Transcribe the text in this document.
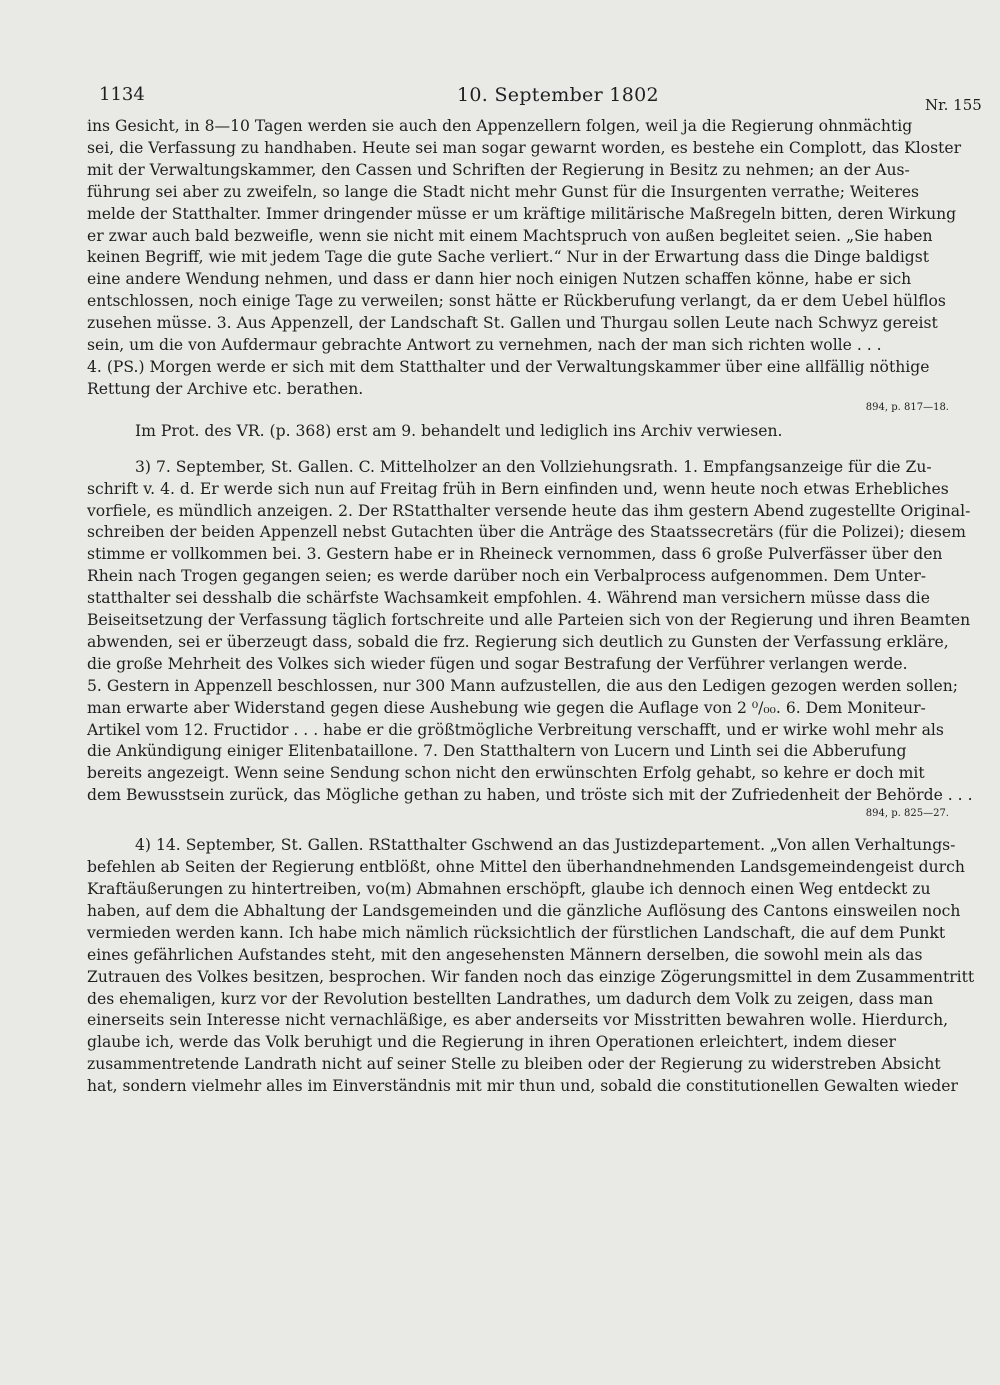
1134	10. September 1802	Nr. 155
ins Gesicht, in 8—10 Tagen werden sie auch den Appenzellern folgen, weil ja die Regierung ohnmächtig
sei, die Verfassung zu handhaben. Heute sei man sogar gewarnt worden, es bestehe ein Complott, das Kloster
mit der Verwaltungskammer, den Cassen und Schriften der Regierung in Besitz zu nehmen; an der Aus-
führung sei aber zu zweifeln, so lange die Stadt nicht mehr Gunst für die Insurgenten verrathe; Weiteres
melde der Statthalter. Immer dringender müsse er um kräftige militärische Maßregeln bitten, deren Wirkung
er zwar auch bald bezweifle, wenn sie nicht mit einem Machtspruch von außen begleitet seien. „Sie haben
keinen Begriff, wie mit jedem Tage die gute Sache verliert.“ Nur in der Erwartung dass die Dinge baldigst
eine andere Wendung nehmen, und dass er dann hier noch einigen Nutzen schaffen könne, habe er sich
entschlossen, noch einige Tage zu verweilen; sonst hätte er Rückberufung verlangt, da er dem Uebel hülflos
zusehen müsse. 3. Aus Appenzell, der Landschaft St. Gallen und Thurgau sollen Leute nach Schwyz gereist
sein, um die von Aufdermaur gebrachte Antwort zu vernehmen, nach der man sich richten wolle . . .
4. (PS.) Morgen werde er sich mit dem Statthalter und der Verwaltungskammer über eine allfällig nöthige
Rettung der Archive etc. berathen.
894, p. 817—18.
Im Prot. des VR. (p. 368) erst am 9. behandelt und lediglich ins Archiv verwiesen.
3) 7. September, St. Gallen. C. Mittelholzer an den Vollziehungsrath. 1. Empfangsanzeige für die Zu-
schrift v. 4. d. Er werde sich nun auf Freitag früh in Bern einfinden und, wenn heute noch etwas Erhebliches
vorfiele, es mündlich anzeigen. 2. Der RStatthalter versende heute das ihm gestern Abend zugestellte Original-
schreiben der beiden Appenzell nebst Gutachten über die Anträge des Staatssecretärs (für die Polizei); diesem
stimme er vollkommen bei. 3. Gestern habe er in Rheineck vernommen, dass 6 große Pulverfässer über den
Rhein nach Trogen gegangen seien; es werde darüber noch ein Verbalprocess aufgenommen. Dem Unter-
statthalter sei desshalb die schärfste Wachsamkeit empfohlen. 4. Während man versichern müsse dass die
Beiseitsetzung der Verfassung täglich fortschreite und alle Parteien sich von der Regierung und ihren Beamten
abwenden, sei er überzeugt dass, sobald die frz. Regierung sich deutlich zu Gunsten der Verfassung erkläre,
die große Mehrheit des Volkes sich wieder fügen und sogar Bestrafung der Verführer verlangen werde.
5. Gestern in Appenzell beschlossen, nur 300 Mann aufzustellen, die aus den Ledigen gezogen werden sollen;
man erwarte aber Widerstand gegen diese Aushebung wie gegen die Auflage von 2 ⁰/₀₀. 6. Dem Moniteur-
Artikel vom 12. Fructidor . . . habe er die größtmögliche Verbreitung verschafft, und er wirke wohl mehr als
die Ankündigung einiger Elitenbataillone. 7. Den Statthaltern von Lucern und Linth sei die Abberufung
bereits angezeigt. Wenn seine Sendung schon nicht den erwünschten Erfolg gehabt, so kehre er doch mit
dem Bewusstsein zurück, das Mögliche gethan zu haben, und tröste sich mit der Zufriedenheit der Behörde . . .
894, p. 825—27.
4) 14. September, St. Gallen. RStatthalter Gschwend an das Justizdepartement. „Von allen Verhaltungs-
befehlen ab Seiten der Regierung entblößt, ohne Mittel den überhandnehmenden Landsgemeindengeist durch
Kraftäußerungen zu hintertreiben, vo(m) Abmahnen erschöpft, glaube ich dennoch einen Weg entdeckt zu
haben, auf dem die Abhaltung der Landsgemeinden und die gänzliche Auflösung des Cantons einsweilen noch
vermieden werden kann. Ich habe mich nämlich rücksichtlich der fürstlichen Landschaft, die auf dem Punkt
eines gefährlichen Aufstandes steht, mit den angesehensten Männern derselben, die sowohl mein als das
Zutrauen des Volkes besitzen, besprochen. Wir fanden noch das einzige Zögerungsmittel in dem Zusammentritt
des ehemaligen, kurz vor der Revolution bestellten Landrathes, um dadurch dem Volk zu zeigen, dass man
einerseits sein Interesse nicht vernachläßige, es aber anderseits vor Misstritten bewahren wolle. Hierdurch,
glaube ich, werde das Volk beruhigt und die Regierung in ihren Operationen erleichtert, indem dieser
zusammentretende Landrath nicht auf seiner Stelle zu bleiben oder der Regierung zu widerstreben Absicht
hat, sondern vielmehr alles im Einverständnis mit mir thun und, sobald die constitutionellen Gewalten wieder
